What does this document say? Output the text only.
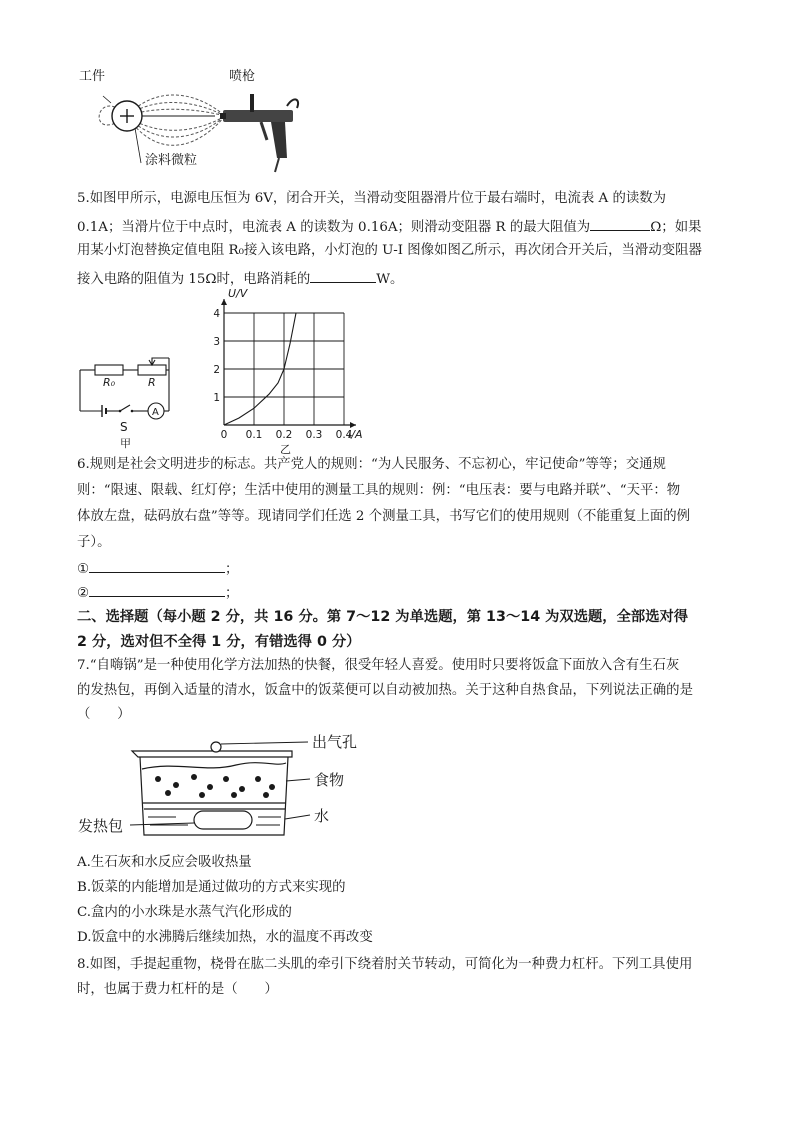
工件	喷枪
涂料微粒
5.如图甲所示，电源电压恒为 6V，闭合开关，当滑动变阻器滑片位于最右端时，电流表 A 的读数为
0.1A；当滑片位于中点时，电流表 A 的读数为 0.16A；则滑动变阻器 R 的最大阻值为	Ω；如果
用某小灯泡替换定值电阻 R₀接入该电路，小灯泡的 U-I 图像如图乙所示，再次闭合开关后，当滑动变阻器
接入电路的阻值为 15Ω时，电路消耗的	W。
R₀	R
A
S
甲
0 0.1 0.2 0.3 0.4
1
2
3
4
U/V
I/A
乙
6.规则是社会文明进步的标志。共产党人的规则：“为人民服务、不忘初心，牢记使命”等等；交通规
则：“限速、限载、红灯停；生活中使用的测量工具的规则：例：“电压表：要与电路并联”、“天平：物
体放左盘，砝码放右盘”等等。现请同学们任选 2 个测量工具，书写它们的使用规则（不能重复上面的例
子）。
①	；
②	；
二、选择题（每小题 2 分，共 16 分。第 7～12 为单选题，第 13～14 为双选题，全部选对得
2 分，选对但不全得 1 分，有错选得 0 分）
7.“自嗨锅”是一种使用化学方法加热的快餐，很受年轻人喜爱。使用时只要将饭盒下面放入含有生石灰
的发热包，再倒入适量的清水，饭盒中的饭菜便可以自动被加热。关于这种自热食品，下列说法正确的是
（　　）
出气孔
食物
水
发热包
A.生石灰和水反应会吸收热量
B.饭菜的内能增加是通过做功的方式来实现的
C.盒内的小水珠是水蒸气汽化形成的
D.饭盒中的水沸腾后继续加热，水的温度不再改变
8.如图，手提起重物，桡骨在肱二头肌的牵引下绕着肘关节转动，可简化为一种费力杠杆。下列工具使用
时，也属于费力杠杆的是（　　）
